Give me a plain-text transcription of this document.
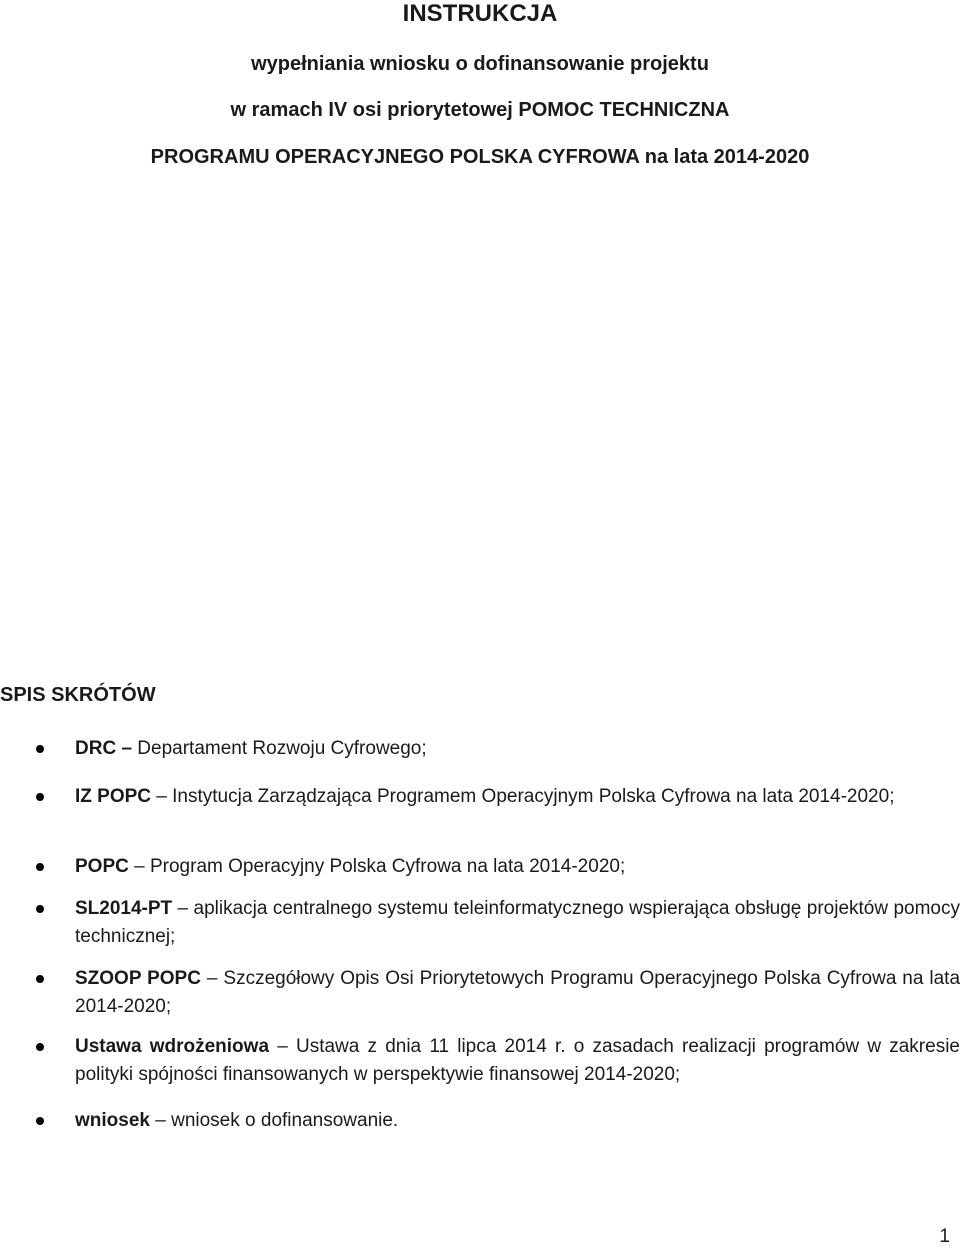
INSTRUKCJA
wypełniania wniosku o dofinansowanie projektu
w ramach IV osi priorytetowej POMOC TECHNICZNA
PROGRAMU OPERACYJNEGO POLSKA CYFROWA na lata 2014-2020
SPIS SKRÓTÓW
DRC – Departament Rozwoju Cyfrowego;
IZ POPC – Instytucja Zarządzająca Programem Operacyjnym Polska Cyfrowa na lata 2014-2020;
POPC – Program Operacyjny Polska Cyfrowa na lata 2014-2020;
SL2014-PT – aplikacja centralnego systemu teleinformatycznego wspierająca obsługę projektów pomocy technicznej;
SZOOP POPC – Szczegółowy Opis Osi Priorytetowych Programu Operacyjnego Polska Cyfrowa na lata 2014-2020;
Ustawa wdrożeniowa – Ustawa z dnia 11 lipca 2014 r. o zasadach realizacji programów w zakresie polityki spójności finansowanych w perspektywie finansowej 2014-2020;
wniosek – wniosek o dofinansowanie.
1
